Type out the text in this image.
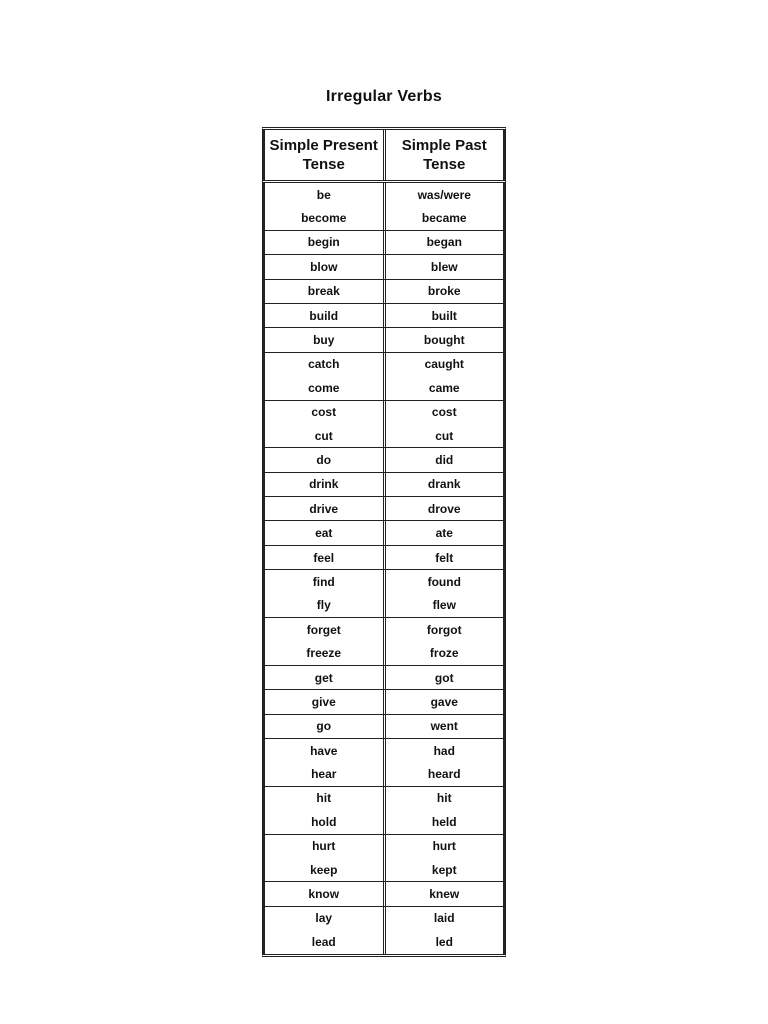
Irregular Verbs
Simple Present Tense
Simple Past Tense
be	was/were
become	became
begin	began
blow	blew
break	broke
build	built
buy	bought
catch	caught
come	came
cost	cost
cut	cut
do	did
drink	drank
drive	drove
eat	ate
feel	felt
find	found
fly	flew
forget	forgot
freeze	froze
get	got
give	gave
go	went
have	had
hear	heard
hit	hit
hold	held
hurt	hurt
keep	kept
know	knew
lay	laid
lead	led
